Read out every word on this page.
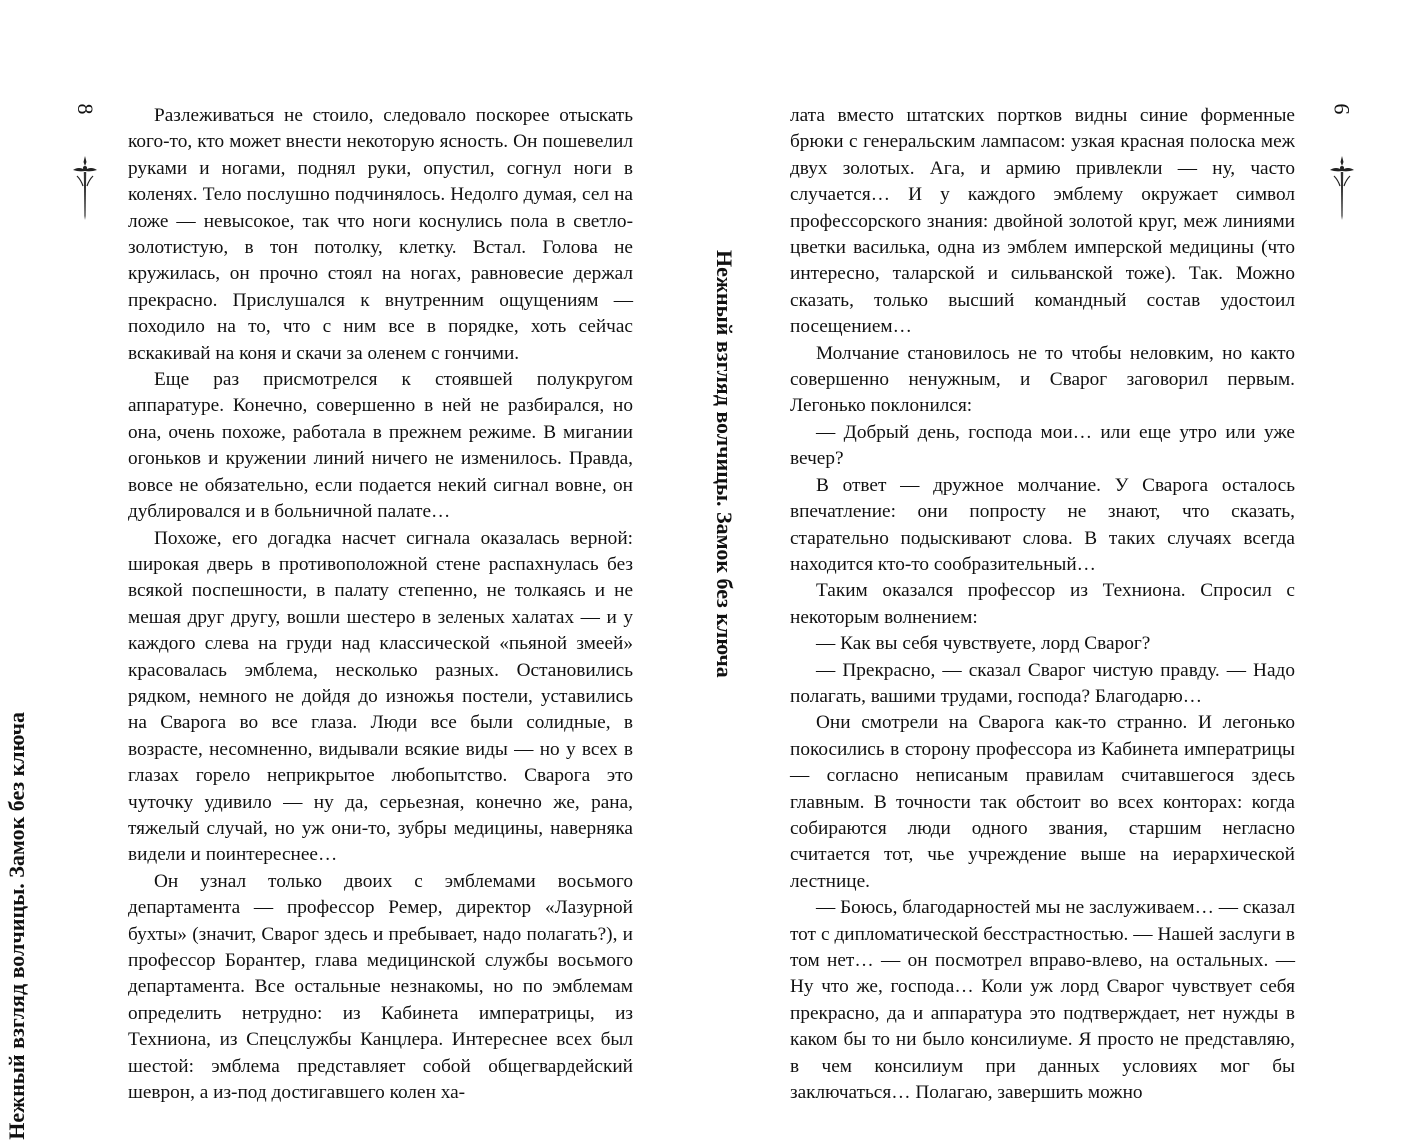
8
Нежный взгляд волчицы. Замок без ключа

Разлеживаться не стоило, следовало поскорее отыскать кого-то, кто может внести некоторую ясность. Он пошевелил руками и ногами, поднял руки, опустил, согнул ноги в коленях. Тело послушно подчинялось. Недолго думая, сел на ложе — невысокое, так что ноги коснулись пола в светло-золотистую, в тон потолку, клетку. Встал. Голова не кружилась, он прочно стоял на ногах, равновесие держал прекрасно. Прислушался к внутренним ощущениям — походило на то, что с ним все в порядке, хоть сейчас вскакивай на коня и скачи за оленем с гончими.

Еще раз присмотрелся к стоявшей полукругом аппаратуре. Конечно, совершенно в ней не разбирался, но она, очень похоже, работала в прежнем режиме. В мигании огоньков и кружении линий ничего не изменилось. Правда, вовсе не обязательно, если подается некий сигнал вовне, он дублировался и в больничной палате…

Похоже, его догадка насчет сигнала оказалась верной: широкая дверь в противоположной стене распахнулась без всякой поспешности, в палату степенно, не толкаясь и не мешая друг другу, вошли шестеро в зеленых халатах — и у каждого слева на груди над классической «пьяной змеей» красовалась эмблема, несколько разных. Остановились рядком, немного не дойдя до изножья постели, уставились на Сварога во все глаза. Люди все были солидные, в возрасте, несомненно, видывали всякие виды — но у всех в глазах горело неприкрытое любопытство. Сварога это чуточку удивило — ну да, серьезная, конечно же, рана, тяжелый случай, но уж они-то, зубры медицины, наверняка видели и поинтереснее…

Он узнал только двоих с эмблемами восьмого департамента — профессор Ремер, директор «Лазурной бухты» (значит, Сварог здесь и пребывает, надо полагать?), и профессор Борантер, глава медицинской службы восьмого департамента. Все остальные незнакомы, но по эмблемам определить нетрудно: из Кабинета императрицы, из Техниона, из Спецслужбы Канцлера. Интереснее всех был шестой: эмблема представляет собой общегвардейский шеврон, а из-под достигавшего колен ха-

9
Нежный взгляд волчицы. Замок без ключа

лата вместо штатских портков видны синие форменные брюки с генеральским лампасом: узкая красная полоска меж двух золотых. Ага, и армию привлекли — ну, часто случается… И у каждого эмблему окружает символ профессорского знания: двойной золотой круг, меж линиями цветки василька, одна из эмблем имперской медицины (что интересно, таларской и сильванской тоже). Так. Можно сказать, только высший командный состав удостоил посещением…

Молчание становилось не то чтобы неловким, но както совершенно ненужным, и Сварог заговорил первым. Легонько поклонился:

— Добрый день, господа мои… или еще утро или уже вечер?

В ответ — дружное молчание. У Сварога осталось впечатление: они попросту не знают, что сказать, старательно подыскивают слова. В таких случаях всегда находится кто-то сообразительный…

Таким оказался профессор из Техниона. Спросил с некоторым волнением:

— Как вы себя чувствуете, лорд Сварог?

— Прекрасно, — сказал Сварог чистую правду. — Надо полагать, вашими трудами, господа? Благодарю…

Они смотрели на Сварога как-то странно. И легонько покосились в сторону профессора из Кабинета императрицы — согласно неписаным правилам считавшегося здесь главным. В точности так обстоит во всех конторах: когда собираются люди одного звания, старшим негласно считается тот, чье учреждение выше на иерархической лестнице.

— Боюсь, благодарностей мы не заслуживаем… — сказал тот с дипломатической бесстрастностью. — Нашей заслуги в том нет… — он посмотрел вправо-влево, на остальных. — Ну что же, господа… Коли уж лорд Сварог чувствует себя прекрасно, да и аппаратура это подтверждает, нет нужды в каком бы то ни было консилиуме. Я просто не представляю, в чем консилиум при данных условиях мог бы заключаться… Полагаю, завершить можно
